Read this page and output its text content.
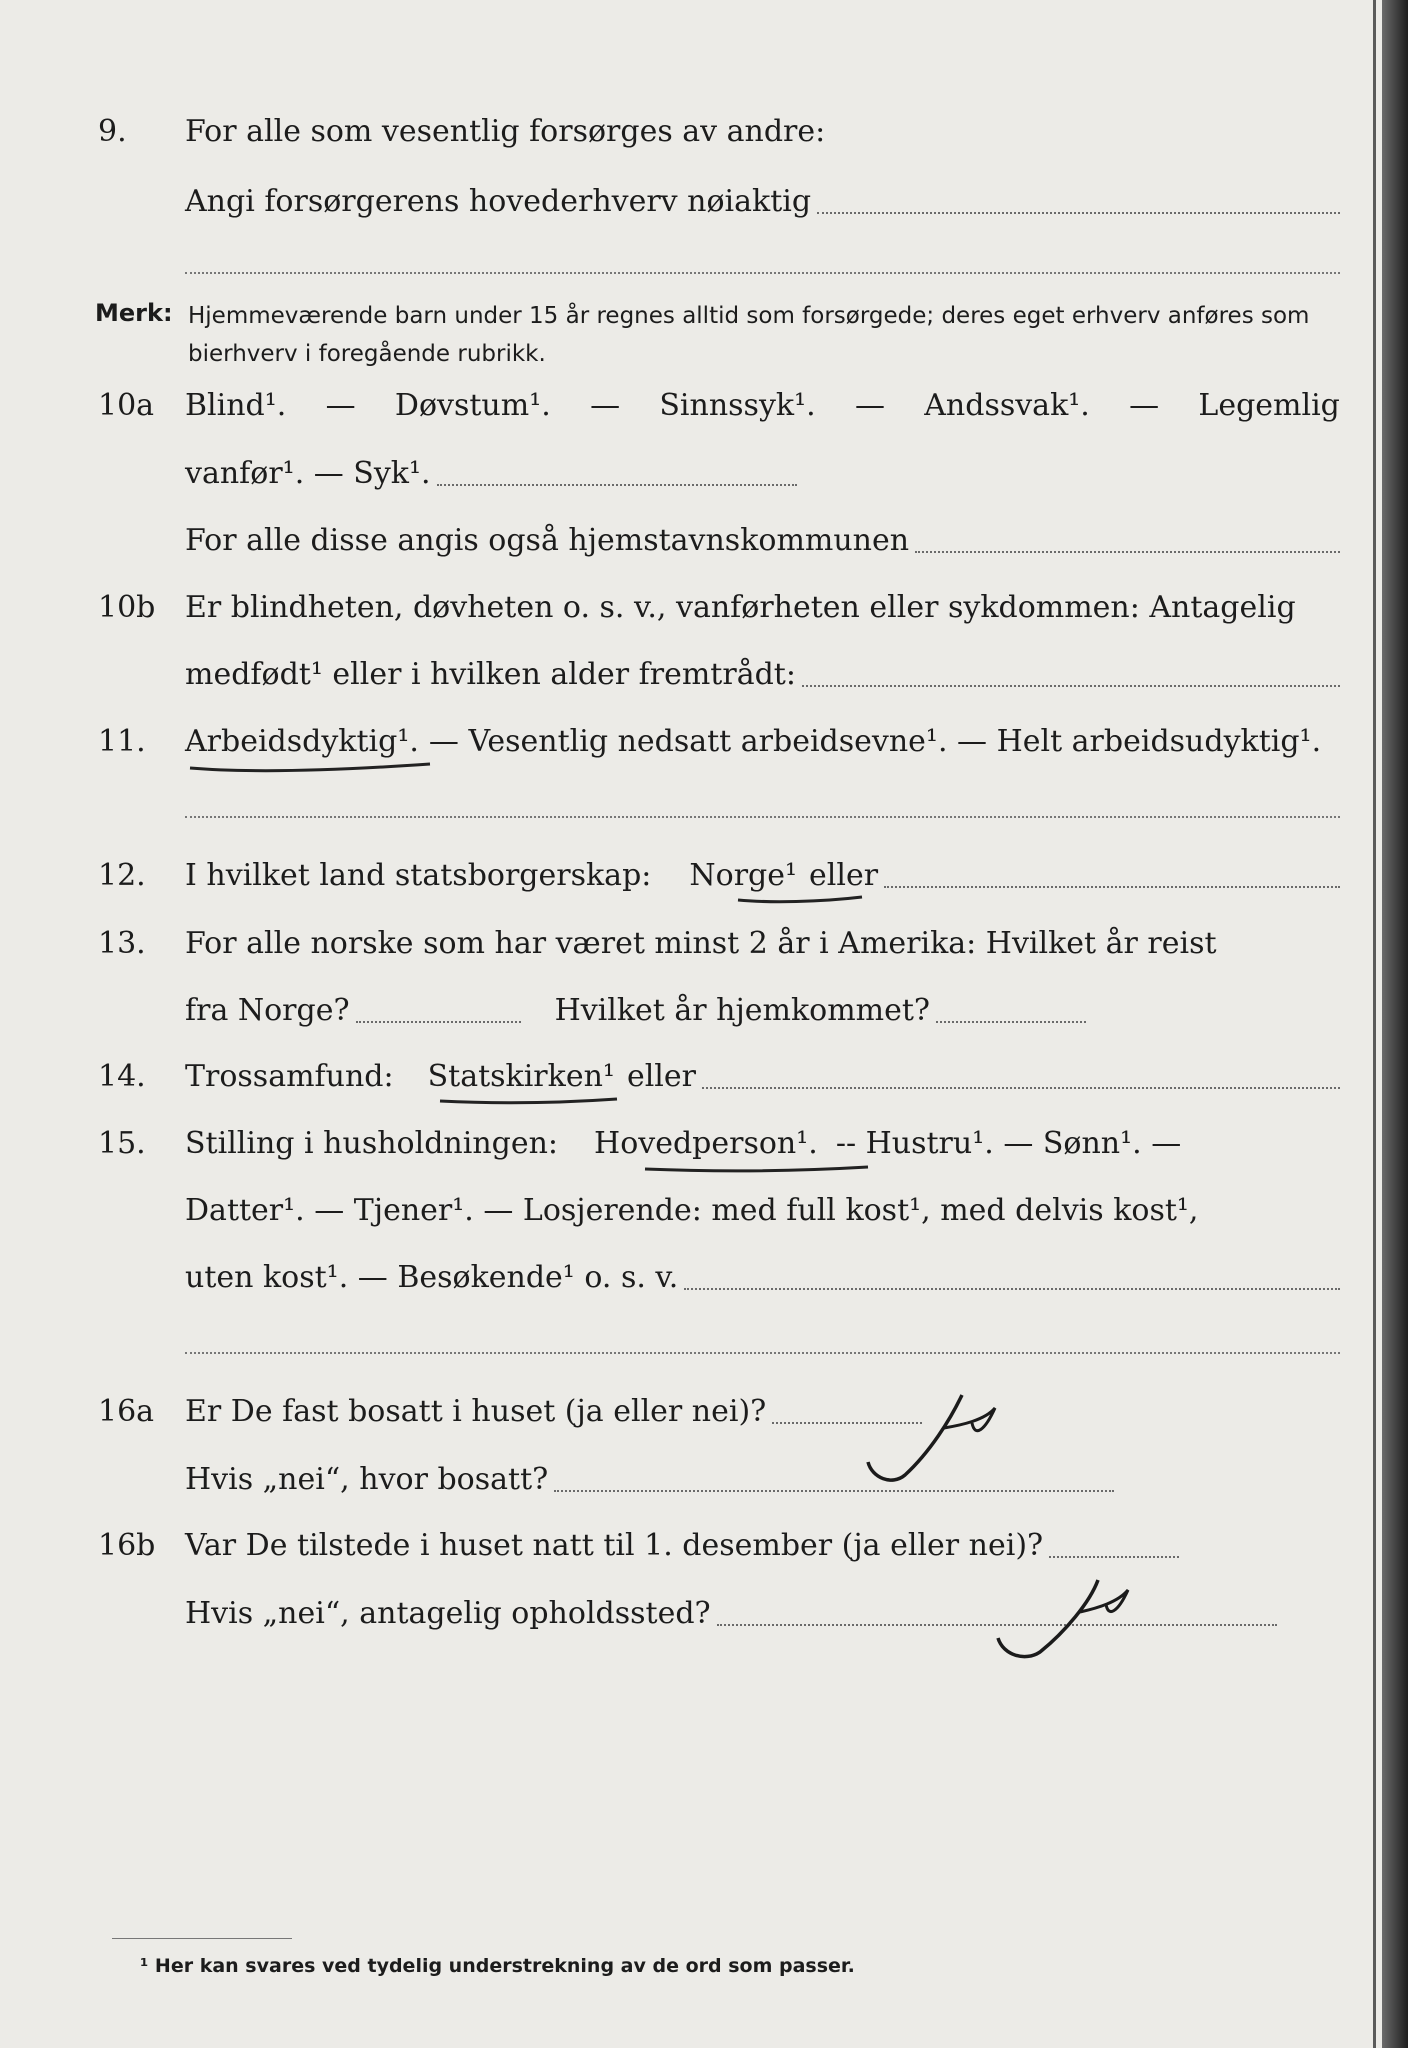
9. For alle som vesentlig forsørges av andre:
Angi forsørgerens hovederhverv nøiaktig
Merk: Hjemmeværende barn under 15 år regnes alltid som forsørgede; deres eget erhverv anføres som bierhverv i foregående rubrikk.
10a Blind¹. — Døvstum¹. — Sinnssyk¹. — Andssvak¹. — Legemlig
vanfør¹. — Syk¹.
For alle disse angis også hjemstavnskommunen
10b Er blindheten, døvheten o. s. v., vanførheten eller sykdommen: Antagelig
medfødt¹ eller i hvilken alder fremtrådt:
11. Arbeidsdyktig¹. — Vesentlig nedsatt arbeidsevne¹. — Helt arbeidsudyktig¹.
12. I hvilket land statsborgerskap: Norge¹ eller
13. For alle norske som har været minst 2 år i Amerika: Hvilket år reist
fra Norge?	Hvilket år hjemkommet?
14. Trossamfund: Statskirken¹ eller
15. Stilling i husholdningen: Hovedperson¹. -- Hustru¹. — Sønn¹. —
Datter¹. — Tjener¹. — Losjerende: med full kost¹, med delvis kost¹,
uten kost¹. — Besøkende¹ o. s. v.
16a Er De fast bosatt i huset (ja eller nei)?
Hvis „nei“, hvor bosatt?
16b Var De tilstede i huset natt til 1. desember (ja eller nei)?
Hvis „nei“, antagelig opholdssted?
¹ Her kan svares ved tydelig understrekning av de ord som passer.
